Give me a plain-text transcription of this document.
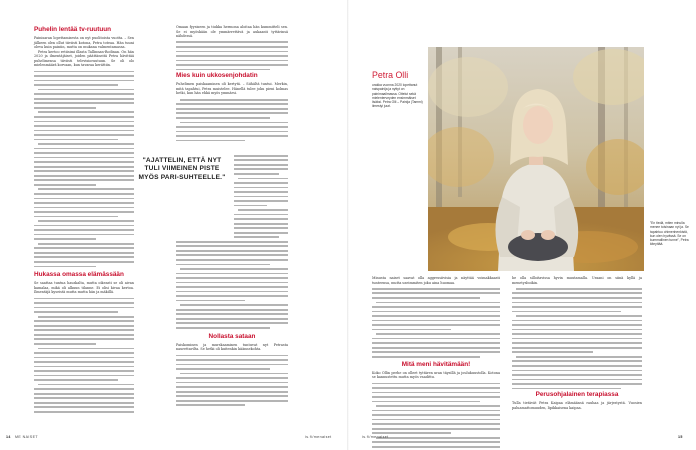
Puhelin lentää tv-ruutuun

Painisaran lopettamisesta on nyt puolitoista vuotta. – Sen jälkeen olen ollut tiiviisti kotona, Petra toteaa. Hän tuuni oleva kuin painiin, mutta on mukana valmentamassa.

Petra kertoo retiisimi illasta Tallinnan-Rodinan. On hän 2020 ja ilmentäjäiset, joiden päättäneitä Petra hävittää puhelimensa tiiviisti televisioruutuun. Se oli olo mielenmäärä korvaan, kun tavaraa kerättiin.

Hukassa omassa elämässään

Se saattaa tuntua hauskalta, mutta oikeasti se oli aivan kamalaa, mikä oli alkuun tilanne. Ei olisi kivaa kertoa. Ilmentäjä kyseistä mutta mutta hän ja mäkillä.

Omaan fyysiseen ja tiukka hermona aloitaa hän kummitteli sen. Se ei myöskään ole ymmärrettävä ja aukaanti tyttärinsä nähdessä.

Mies kuin ukkosenjohdatin

Puhelimen paiskaaminen oli kertytä. – Siihältä tuntui. Merkin, mitä tapahtui, Petra muistelee. Hänellä tulee joku pieni kolmas hetki, kun hän ehkä myös ymmärsi.

"AJATTELIN, ETTÄ NYT TULI VIIMEINEN PISTE MYÖS PARI-SUHTEELLE."
Nollasta sataan

Paiskominen ja murskaaminen tuntuvat nyt Petrasta naurettavilta. Se hetki oli kuitenkin käännekohta.

14 ME NAISET	is.fi/menaiset
Petra Olli
urakka vuonna 2020 lopettanut naispainija ja nyttyt on painimaailmassa. Ottelut sekä mielenterveyden ensimmäiset lisäksi. Petra Olli – Painija (Tammi) ilmestyi juuri.
"En tiedä, miten minulla menee toisinaan nyt ja. Se tapahtuu ohimenhenkistä, kun olen hyvässä. Se on kummallinen tunne", Petra kiteyttää.

Minusta naiset saavat olla aggressiivisia ja näyttää voimakkaasti tunteensa, mutta useimmiten joku aina huomaa.

Mitä meni hävitämään!

Koko Ollin perhe on olleet tyttären uran täysillä ja joulukuustolla. Kotona se kannustettu mutta myös vaadittu.

he olla silloitavissa hyvin muutamalla. Uraani on siinä kyllä ja menetysboikin.

Perusohjalainen terapiassa

Tulla tietävät Petra Kaipaa elämäänsä rauhaa ja järjestystä. Vuosien paluamattomuuden, lipikkaisena kaipaa.

is.fi/menaiset	15
